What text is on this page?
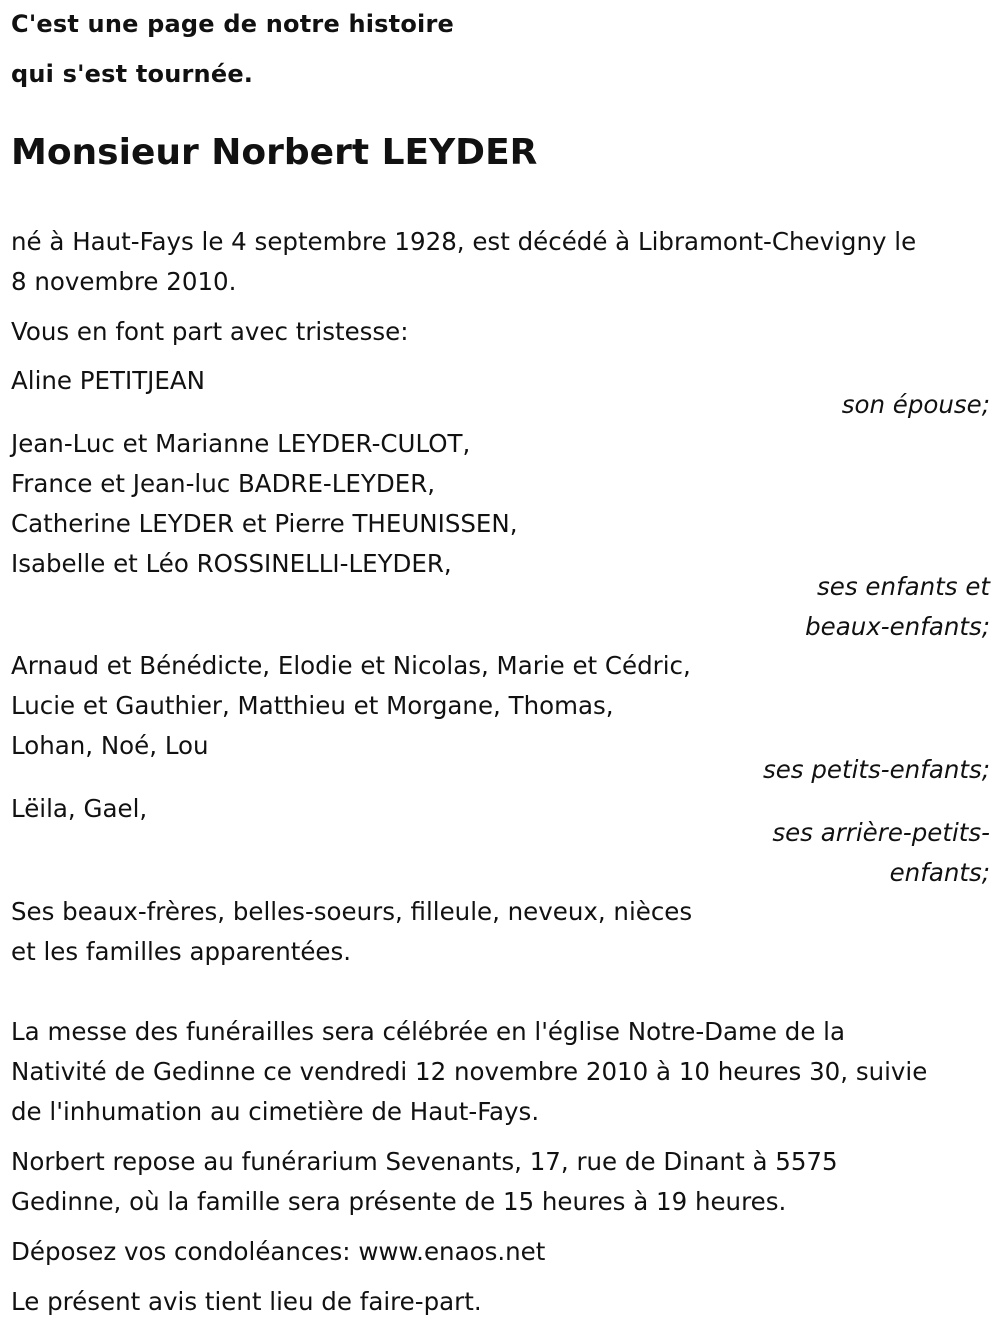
C'est une page de notre histoire
qui s'est tournée.
Monsieur Norbert LEYDER
né à Haut-Fays le 4 septembre 1928, est décédé à Libramont-Chevigny le
8 novembre 2010.
Vous en font part avec tristesse:
Aline PETITJEAN
son épouse;
Jean-Luc et Marianne LEYDER-CULOT,
France et Jean-luc BADRE-LEYDER,
Catherine LEYDER et Pierre THEUNISSEN,
Isabelle et Léo ROSSINELLI-LEYDER,
ses enfants et
beaux-enfants;
Arnaud et Bénédicte, Elodie et Nicolas, Marie et Cédric,
Lucie et Gauthier, Matthieu et Morgane, Thomas,
Lohan, Noé, Lou
ses petits-enfants;
Lëila, Gael,
ses arrière-petits-
enfants;
Ses beaux-frères, belles-soeurs, filleule, neveux, nièces
et les familles apparentées.
La messe des funérailles sera célébrée en l'église Notre-Dame de la
Nativité de Gedinne ce vendredi 12 novembre 2010 à 10 heures 30, suivie
de l'inhumation au cimetière de Haut-Fays.
Norbert repose au funérarium Sevenants, 17, rue de Dinant à 5575
Gedinne, où la famille sera présente de 15 heures à 19 heures.
Déposez vos condoléances: www.enaos.net
Le présent avis tient lieu de faire-part.
